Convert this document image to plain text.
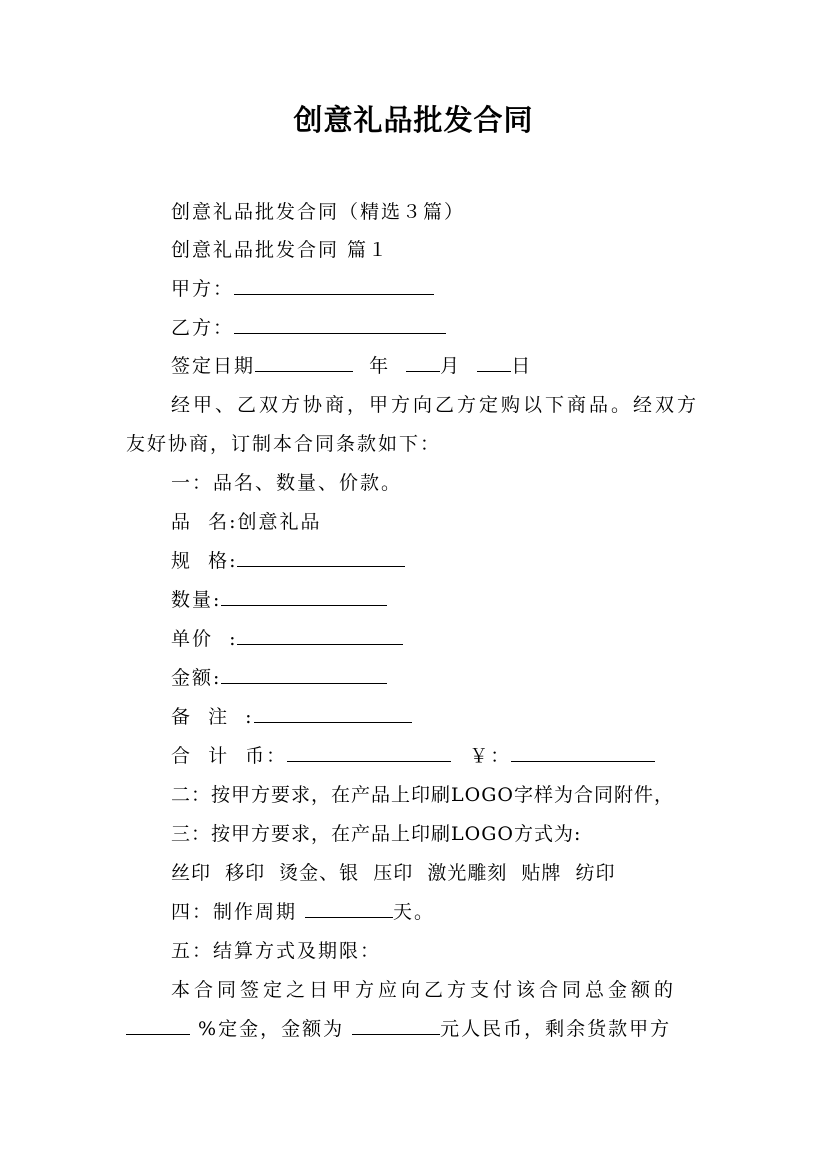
创意礼品批发合同
创意礼品批发合同（精选３篇）
创意礼品批发合同 篇１
甲方：
乙方：
签定日期	年	月	日
经甲、乙双方协商，甲方向乙方定购以下商品。经双方
友好协商，订制本合同条款如下：
一：品名、数量、价款。
品  名:创意礼品
规  格:
数量:
单价  :
金额:
备  注  :
合  计  币：	￥：
二：按甲方要求，在产品上印刷LOGO字样为合同附件，
三：按甲方要求，在产品上印刷LOGO方式为:
丝印  移印  烫金、银  压印  激光雕刻  贴牌  纺印
四：制作周期	天。
五：结算方式及期限：
本合同签定之日甲方应向乙方支付该合同总金额的
%定金，金额为	元人民币，剩余货款甲方
